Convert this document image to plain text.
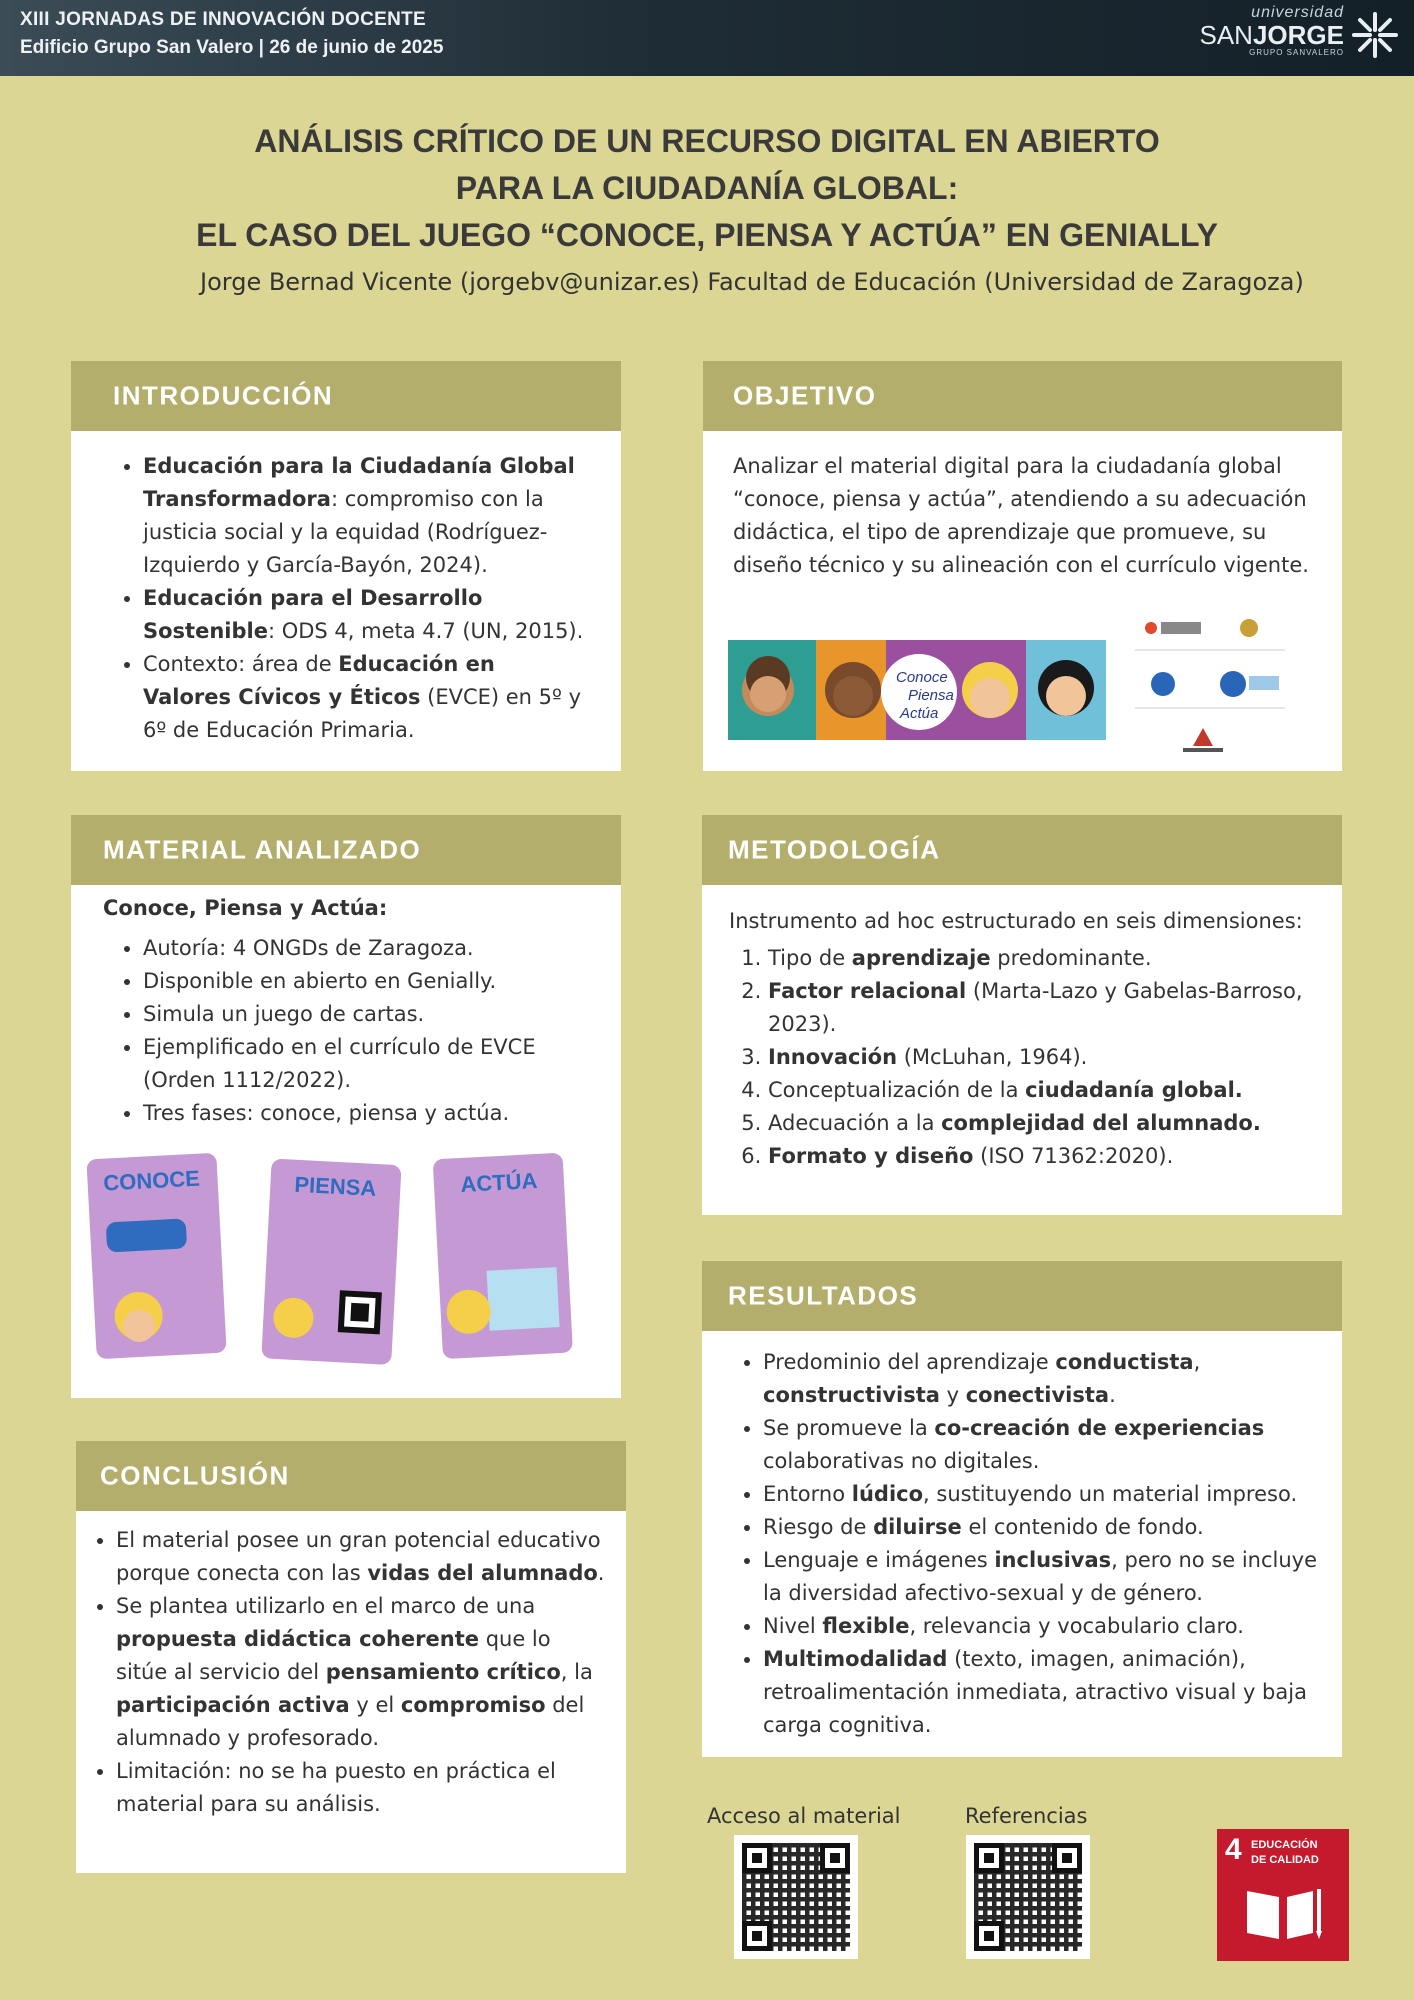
XIII JORNADAS DE INNOVACIÓN DOCENTE
Edificio Grupo San Valero | 26 de junio de 2025
universidad
SANJORGE
GRUPO SANVALERO
ANÁLISIS CRÍTICO DE UN RECURSO DIGITAL EN ABIERTO
PARA LA CIUDADANÍA GLOBAL:
EL CASO DEL JUEGO “CONOCE, PIENSA Y ACTÚA” EN GENIALLY
Jorge Bernad Vicente (jorgebv@unizar.es) Facultad de Educación (Universidad de Zaragoza)
INTRODUCCIÓN
• Educación para la Ciudadanía Global Transformadora: compromiso con la justicia social y la equidad (Rodríguez-Izquierdo y García-Bayón, 2024).
• Educación para el Desarrollo Sostenible: ODS 4, meta 4.7 (UN, 2015).
• Contexto: área de Educación en Valores Cívicos y Éticos (EVCE) en 5º y 6º de Educación Primaria.
OBJETIVO
Analizar el material digital para la ciudadanía global “conoce, piensa y actúa”, atendiendo a su adecuación didáctica, el tipo de aprendizaje que promueve, su diseño técnico y su alineación con el currículo vigente.
Conoce
Piensa
Actúa
MATERIAL ANALIZADO
Conoce, Piensa y Actúa:
• Autoría: 4 ONGDs de Zaragoza.
• Disponible en abierto en Genially.
• Simula un juego de cartas.
• Ejemplificado en el currículo de EVCE (Orden 1112/2022).
• Tres fases: conoce, piensa y actúa.
CONOCE	PIENSA	ACTÚA
METODOLOGÍA
Instrumento ad hoc estructurado en seis dimensiones:
1. Tipo de aprendizaje predominante.
2. Factor relacional (Marta-Lazo y Gabelas-Barroso, 2023).
3. Innovación (McLuhan, 1964).
4. Conceptualización de la ciudadanía global.
5. Adecuación a la complejidad del alumnado.
6. Formato y diseño (ISO 71362:2020).
RESULTADOS
• Predominio del aprendizaje conductista, constructivista y conectivista.
• Se promueve la co-creación de experiencias colaborativas no digitales.
• Entorno lúdico, sustituyendo un material impreso.
• Riesgo de diluirse el contenido de fondo.
• Lenguaje e imágenes inclusivas, pero no se incluye la diversidad afectivo-sexual y de género.
• Nivel flexible, relevancia y vocabulario claro.
• Multimodalidad (texto, imagen, animación), retroalimentación inmediata, atractivo visual y baja carga cognitiva.
CONCLUSIÓN
• El material posee un gran potencial educativo porque conecta con las vidas del alumnado.
• Se plantea utilizarlo en el marco de una propuesta didáctica coherente que lo sitúe al servicio del pensamiento crítico, la participación activa y el compromiso del alumnado y profesorado.
• Limitación: no se ha puesto en práctica el material para su análisis.	Acceso al material	Referencias
4 EDUCACIÓN
DE CALIDAD
